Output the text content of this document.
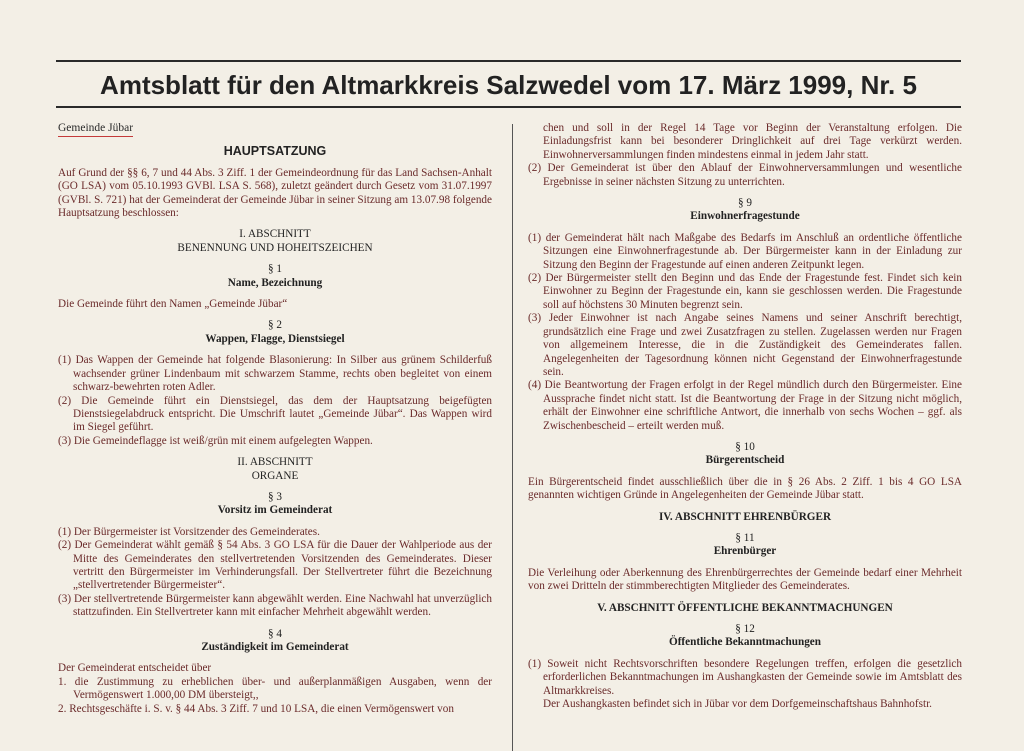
Amtsblatt für den Altmarkkreis Salzwedel vom 17. März 1999, Nr. 5
Gemeinde Jübar
HAUPTSATZUNG

Auf Grund der §§ 6, 7 und 44 Abs. 3 Ziff. 1 der Gemeindeordnung für das Land Sachsen-Anhalt (GO LSA) vom 05.10.1993 GVBl. LSA S. 568), zuletzt geändert durch Gesetz vom 31.07.1997 (GVBl. S. 721) hat der Gemeinderat der Gemeinde Jübar in seiner Sitzung am 13.07.98 folgende Hauptsatzung beschlossen:

I. ABSCHNITT
BENENNUNG UND HOHEITSZEICHEN
§ 1
Name, Bezeichnung

Die Gemeinde führt den Namen „Gemeinde Jübar“

§ 2
Wappen, Flagge, Dienstsiegel

(1) Das Wappen der Gemeinde hat folgende Blasonierung: In Silber aus grünem Schilderfuß wachsender grüner Lindenbaum mit schwarzem Stamme, rechts oben begleitet von einem schwarz-bewehrten roten Adler.

(2) Die Gemeinde führt ein Dienstsiegel, das dem der Hauptsatzung beigefügten Dienstsiegelabdruck entspricht. Die Umschrift lautet „Gemeinde Jübar“. Das Wappen wird im Siegel geführt.

(3) Die Gemeindeflagge ist weiß/grün mit einem aufgelegten Wappen.

II. ABSCHNITT
ORGANE
§ 3
Vorsitz im Gemeinderat

(1) Der Bürgermeister ist Vorsitzender des Gemeinderates.

(2) Der Gemeinderat wählt gemäß § 54 Abs. 3 GO LSA für die Dauer der Wahlperiode aus der Mitte des Gemeinderates den stellvertretenden Vorsitzenden des Gemeinderates. Dieser vertritt den Bürgermeister im Verhinderungsfall. Der Stellvertreter führt die Bezeichnung „stellvertretender Bürgermeister“.

(3) Der stellvertretende Bürgermeister kann abgewählt werden. Eine Nachwahl hat unverzüglich stattzufinden. Ein Stellvertreter kann mit einfacher Mehrheit abgewählt werden.

§ 4
Zuständigkeit im Gemeinderat

Der Gemeinderat entscheidet über

1. die Zustimmung zu erheblichen über- und außerplanmäßigen Ausgaben, wenn der Vermögenswert 1.000,00 DM übersteigt,,

2. Rechtsgeschäfte i. S. v. § 44 Abs. 3 Ziff. 7 und 10 LSA, die einen Vermögenswert von

chen und soll in der Regel 14 Tage vor Beginn der Veranstaltung erfolgen. Die Einladungsfrist kann bei besonderer Dringlichkeit auf drei Tage verkürzt werden. Einwohnerversammlungen finden mindestens einmal in jedem Jahr statt.

(2) Der Gemeinderat ist über den Ablauf der Einwohnerversammlungen und wesentliche Ergebnisse in seiner nächsten Sitzung zu unterrichten.

§ 9
Einwohnerfragestunde

(1) der Gemeinderat hält nach Maßgabe des Bedarfs im Anschluß an ordentliche öffentliche Sitzungen eine Einwohnerfragestunde ab. Der Bürgermeister kann in der Einladung zur Sitzung den Beginn der Fragestunde auf einen anderen Zeitpunkt legen.

(2) Der Bürgermeister stellt den Beginn und das Ende der Fragestunde fest. Findet sich kein Einwohner zu Beginn der Fragestunde ein, kann sie geschlossen werden. Die Fragestunde soll auf höchstens 30 Minuten begrenzt sein.

(3) Jeder Einwohner ist nach Angabe seines Namens und seiner Anschrift berechtigt, grundsätzlich eine Frage und zwei Zusatzfragen zu stellen. Zugelassen werden nur Fragen von allgemeinem Interesse, die in die Zuständigkeit des Gemeinderates fallen. Angelegenheiten der Tagesordnung können nicht Gegenstand der Einwohnerfragestunde sein.

(4) Die Beantwortung der Fragen erfolgt in der Regel mündlich durch den Bürgermeister. Eine Aussprache findet nicht statt. Ist die Beantwortung der Frage in der Sitzung nicht möglich, erhält der Einwohner eine schriftliche Antwort, die innerhalb von sechs Wochen – ggf. als Zwischenbescheid – erteilt werden muß.

§ 10
Bürgerentscheid

Ein Bürgerentscheid findet ausschließlich über die in § 26 Abs. 2 Ziff. 1 bis 4 GO LSA genannten wichtigen Gründe in Angelegenheiten der Gemeinde Jübar statt.

IV. ABSCHNITT EHRENBÜRGER
§ 11
Ehrenbürger

Die Verleihung oder Aberkennung des Ehrenbürgerrechtes der Gemeinde bedarf einer Mehrheit von zwei Dritteln der stimmberechtigten Mitglieder des Gemeinderates.

V. ABSCHNITT ÖFFENTLICHE BEKANNTMACHUNGEN
§ 12
Öffentliche Bekanntmachungen

(1) Soweit nicht Rechtsvorschriften besondere Regelungen treffen, erfolgen die gesetzlich erforderlichen Bekanntmachungen im Aushangkasten der Gemeinde sowie im Amtsblatt des Altmarkkreises.

Der Aushangkasten befindet sich in Jübar vor dem Dorfgemeinschaftshaus Bahnhofstr.
